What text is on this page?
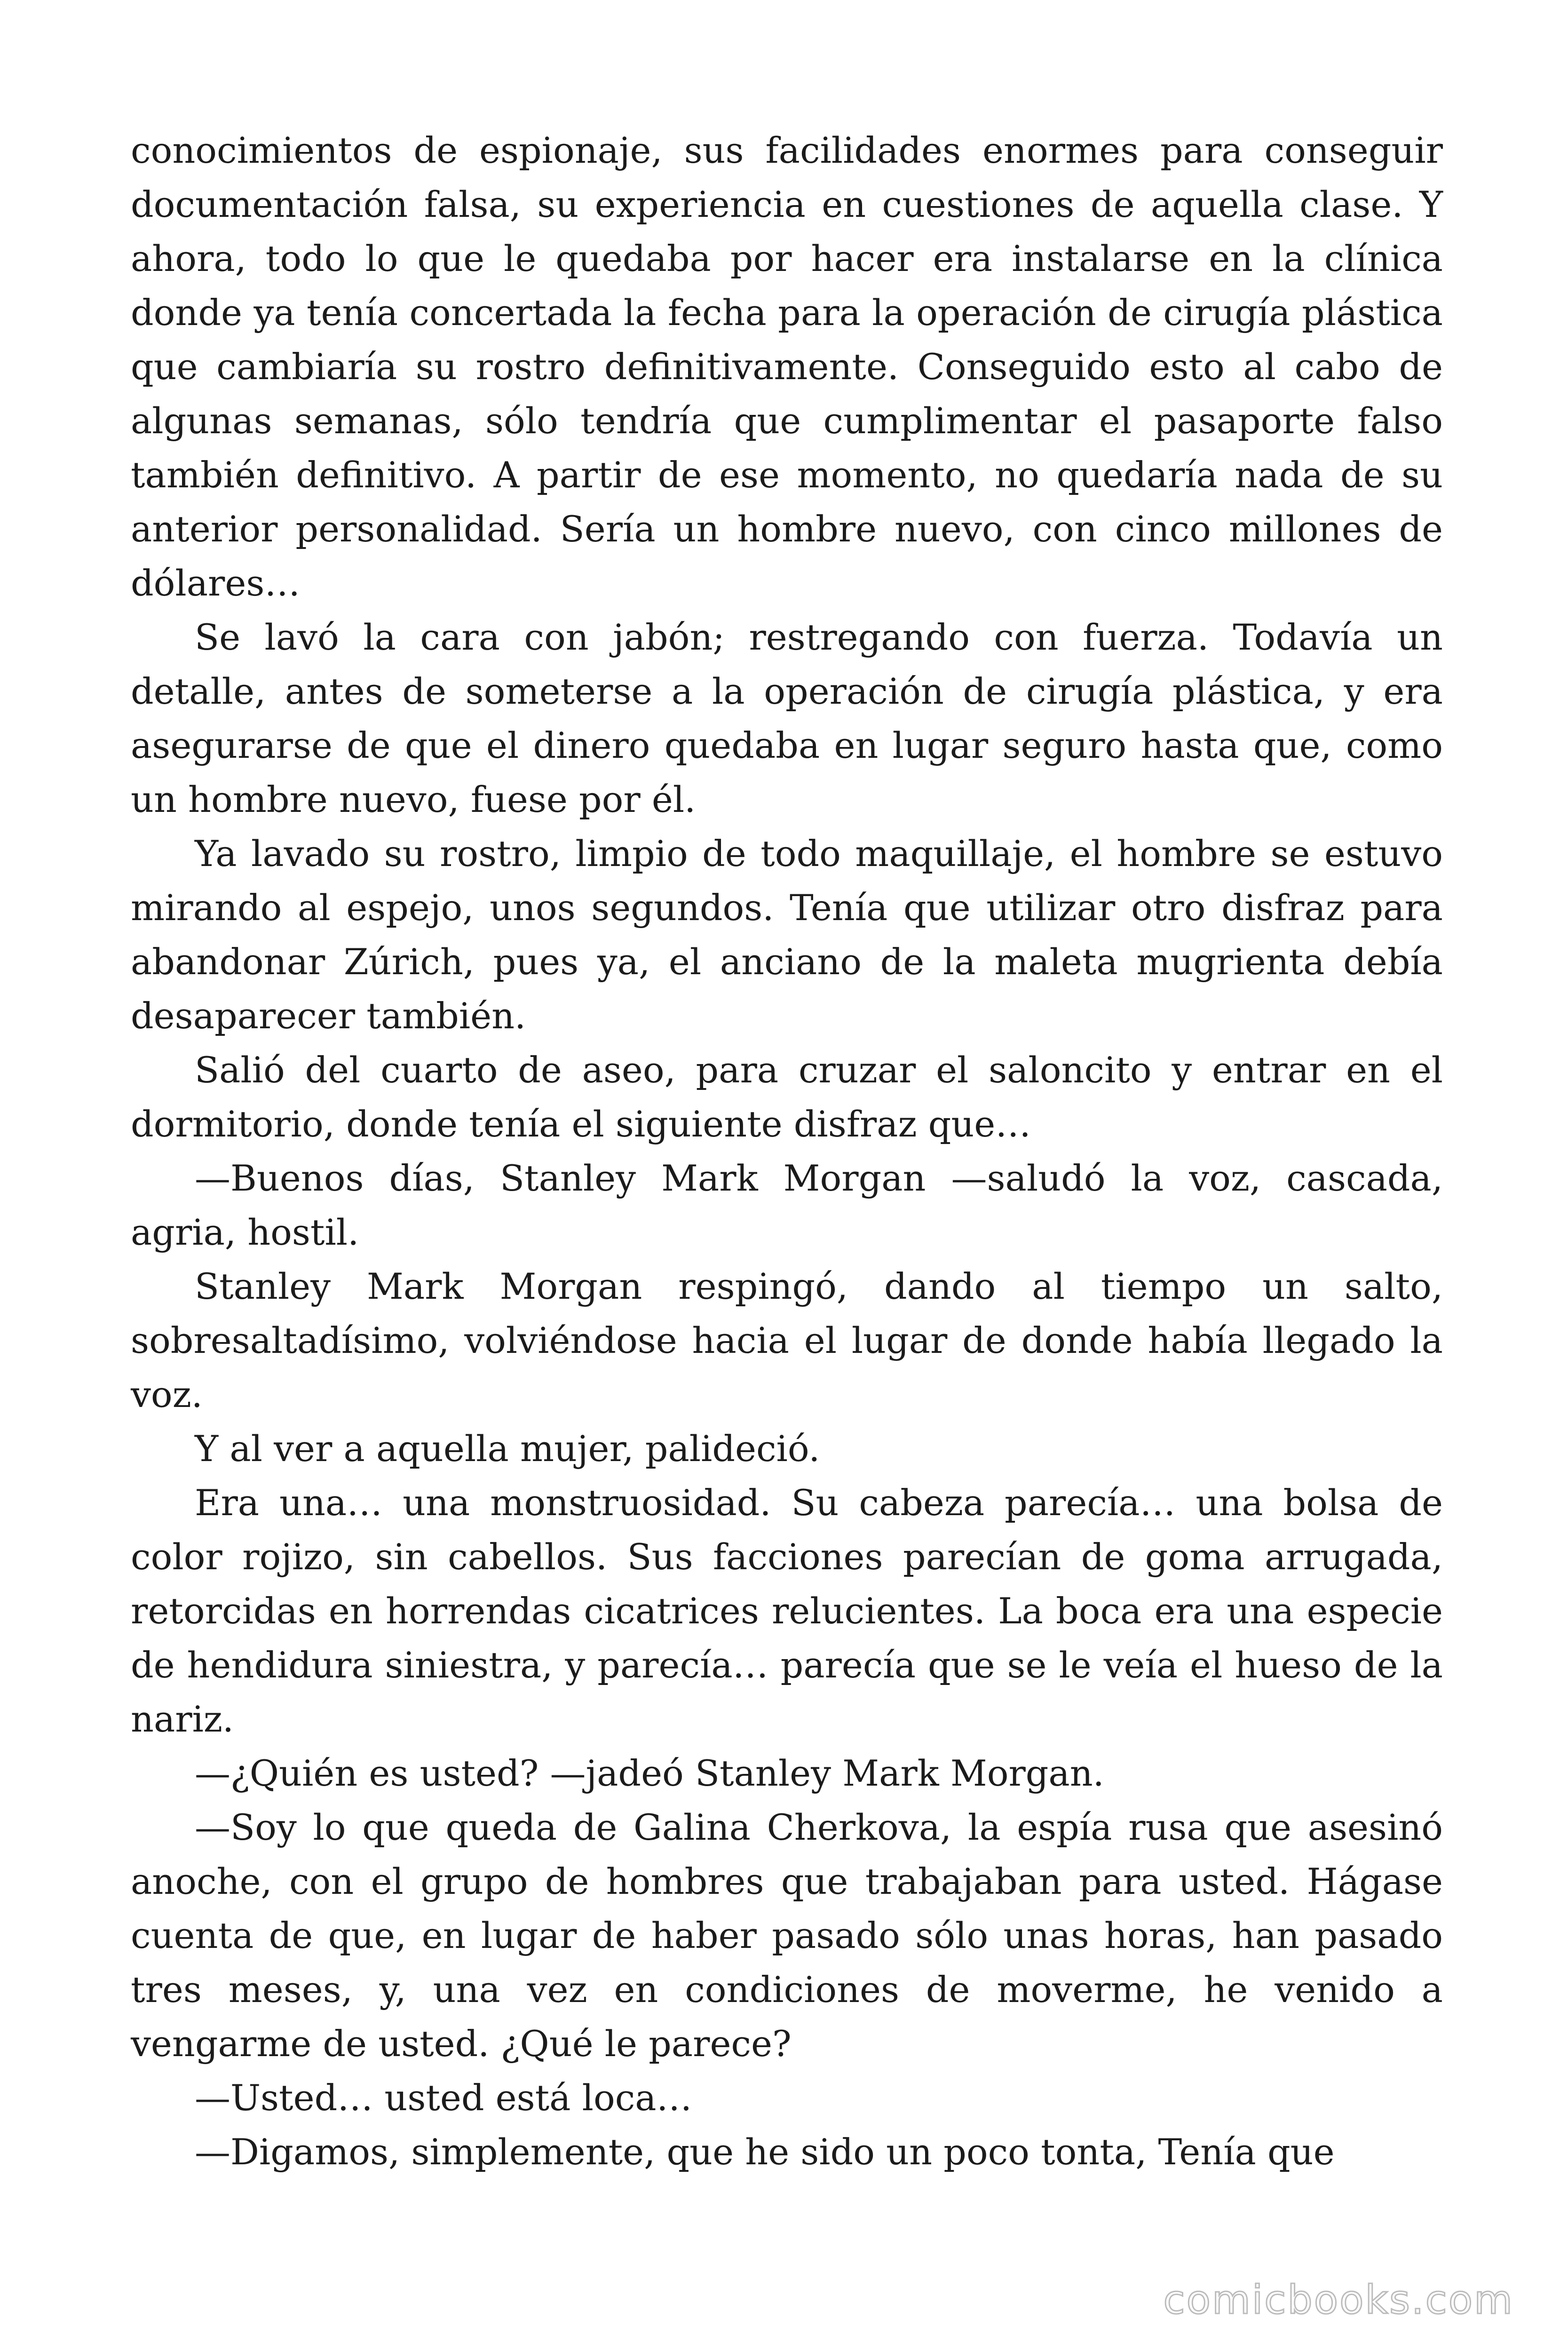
conocimientos de espionaje, sus facilidades enormes para conseguir documentación falsa, su experiencia en cuestiones de aquella clase. Y ahora, todo lo que le quedaba por hacer era instalarse en la clínica donde ya tenía concertada la fecha para la operación de cirugía plástica que cambiaría su rostro definitivamente. Conseguido esto al cabo de algunas semanas, sólo tendría que cumplimentar el pasaporte falso también definitivo. A partir de ese momento, no quedaría nada de su anterior personalidad. Sería un hombre nuevo, con cinco millones de dólares…

Se lavó la cara con jabón; restregando con fuerza. Todavía un detalle, antes de someterse a la operación de cirugía plástica, y era asegurarse de que el dinero quedaba en lugar seguro hasta que, como un hombre nuevo, fuese por él.

Ya lavado su rostro, limpio de todo maquillaje, el hombre se estuvo mirando al espejo, unos segundos. Tenía que utilizar otro disfraz para abandonar Zúrich, pues ya, el anciano de la maleta mugrienta debía desaparecer también.

Salió del cuarto de aseo, para cruzar el saloncito y entrar en el dormitorio, donde tenía el siguiente disfraz que…

—Buenos días, Stanley Mark Morgan —saludó la voz, cascada, agria, hostil.

Stanley Mark Morgan respingó, dando al tiempo un salto, sobresaltadísimo, volviéndose hacia el lugar de donde había llegado la voz.

Y al ver a aquella mujer, palideció.

Era una… una monstruosidad. Su cabeza parecía… una bolsa de color rojizo, sin cabellos. Sus facciones parecían de goma arrugada, retorcidas en horrendas cicatrices relucientes. La boca era una especie de hendidura siniestra, y parecía… parecía que se le veía el hueso de la nariz.

—¿Quién es usted? —jadeó Stanley Mark Morgan.

—Soy lo que queda de Galina Cherkova, la espía rusa que asesinó anoche, con el grupo de hombres que trabajaban para usted. Hágase cuenta de que, en lugar de haber pasado sólo unas horas, han pasado tres meses, y, una vez en condiciones de moverme, he venido a vengarme de usted. ¿Qué le parece?

—Usted… usted está loca…

—Digamos, simplemente, que he sido un poco tonta, Tenía que

comicbooks.com
